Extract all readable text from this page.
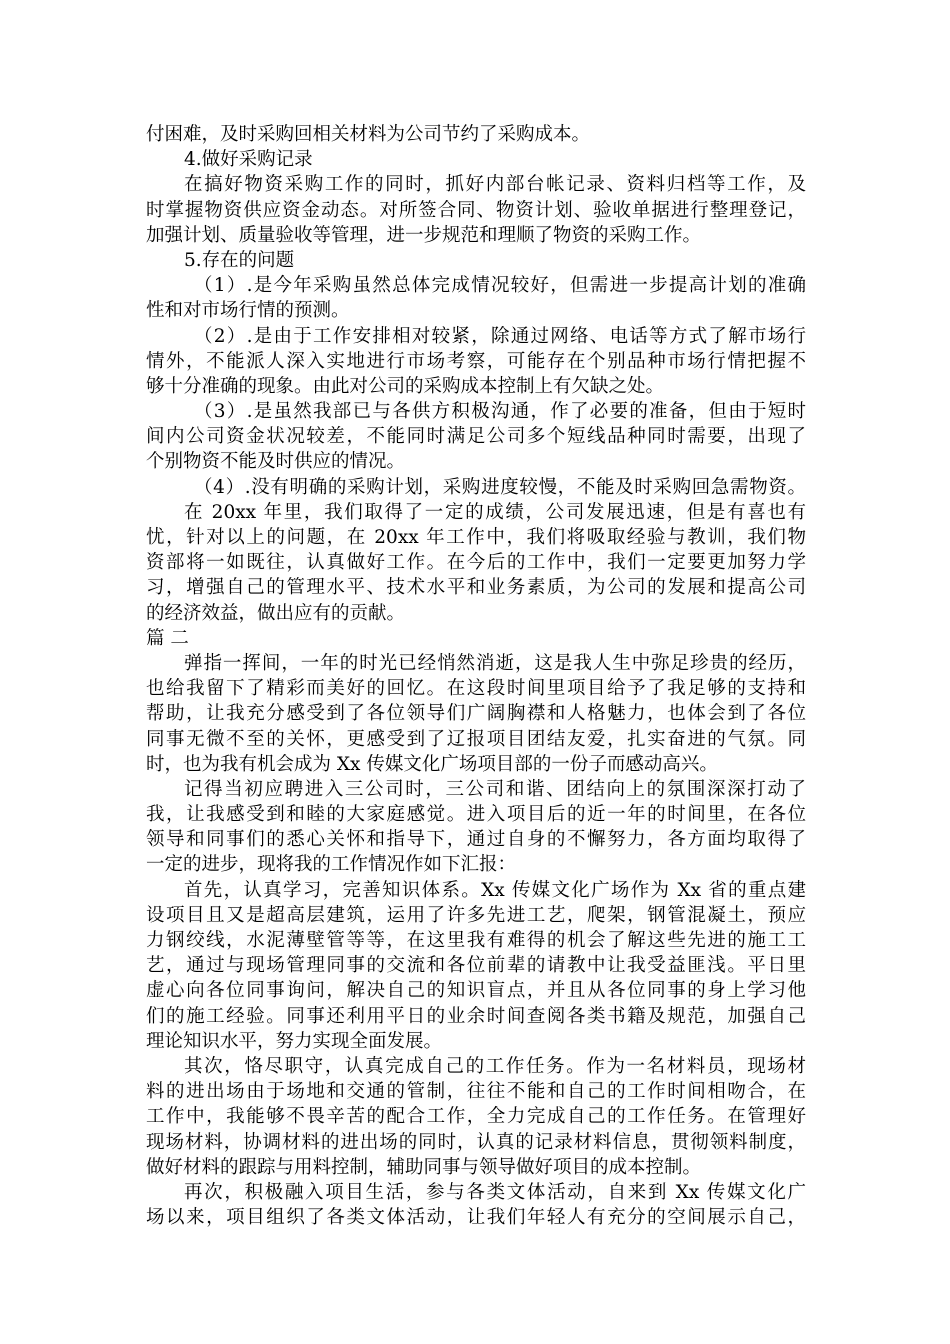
付困难，及时采购回相关材料为公司节约了采购成本。
4.做好采购记录
在搞好物资采购工作的同时，抓好内部台帐记录、资料归档等工作，及
时掌握物资供应资金动态。对所签合同、物资计划、验收单据进行整理登记，
加强计划、质量验收等管理，进一步规范和理顺了物资的采购工作。
5.存在的问题
（1）.是今年采购虽然总体完成情况较好，但需进一步提高计划的准确
性和对市场行情的预测。
（2）.是由于工作安排相对较紧，除通过网络、电话等方式了解市场行
情外，不能派人深入实地进行市场考察，可能存在个别品种市场行情把握不
够十分准确的现象。由此对公司的采购成本控制上有欠缺之处。
（3）.是虽然我部已与各供方积极沟通，作了必要的准备，但由于短时
间内公司资金状况较差，不能同时满足公司多个短线品种同时需要，出现了
个别物资不能及时供应的情况。
（4）.没有明确的采购计划，采购进度较慢，不能及时采购回急需物资。
在 20xx 年里，我们取得了一定的成绩，公司发展迅速，但是有喜也有
忧，针对以上的问题，在 20xx 年工作中，我们将吸取经验与教训，我们物
资部将一如既往，认真做好工作。在今后的工作中，我们一定要更加努力学
习，增强自己的管理水平、技术水平和业务素质，为公司的发展和提高公司
的经济效益，做出应有的贡献。
篇 二
弹指一挥间，一年的时光已经悄然消逝，这是我人生中弥足珍贵的经历，
也给我留下了精彩而美好的回忆。在这段时间里项目给予了我足够的支持和
帮助，让我充分感受到了各位领导们广阔胸襟和人格魅力，也体会到了各位
同事无微不至的关怀，更感受到了辽报项目团结友爱，扎实奋进的气氛。同
时，也为我有机会成为 Xx 传媒文化广场项目部的一份子而感动高兴。
记得当初应聘进入三公司时，三公司和谐、团结向上的氛围深深打动了
我，让我感受到和睦的大家庭感觉。进入项目后的近一年的时间里，在各位
领导和同事们的悉心关怀和指导下，通过自身的不懈努力，各方面均取得了
一定的进步，现将我的工作情况作如下汇报：
首先，认真学习，完善知识体系。Xx 传媒文化广场作为 Xx 省的重点建
设项目且又是超高层建筑，运用了许多先进工艺，爬架，钢管混凝土，预应
力钢绞线，水泥薄壁管等等，在这里我有难得的机会了解这些先进的施工工
艺，通过与现场管理同事的交流和各位前辈的请教中让我受益匪浅。平日里
虚心向各位同事询问，解决自己的知识盲点，并且从各位同事的身上学习他
们的施工经验。同事还利用平日的业余时间查阅各类书籍及规范，加强自己
理论知识水平，努力实现全面发展。
其次，恪尽职守，认真完成自己的工作任务。作为一名材料员，现场材
料的进出场由于场地和交通的管制，往往不能和自己的工作时间相吻合，在
工作中，我能够不畏辛苦的配合工作，全力完成自己的工作任务。在管理好
现场材料，协调材料的进出场的同时，认真的记录材料信息，贯彻领料制度，
做好材料的跟踪与用料控制，辅助同事与领导做好项目的成本控制。
再次，积极融入项目生活，参与各类文体活动，自来到 Xx 传媒文化广
场以来，项目组织了各类文体活动，让我们年轻人有充分的空间展示自己，
